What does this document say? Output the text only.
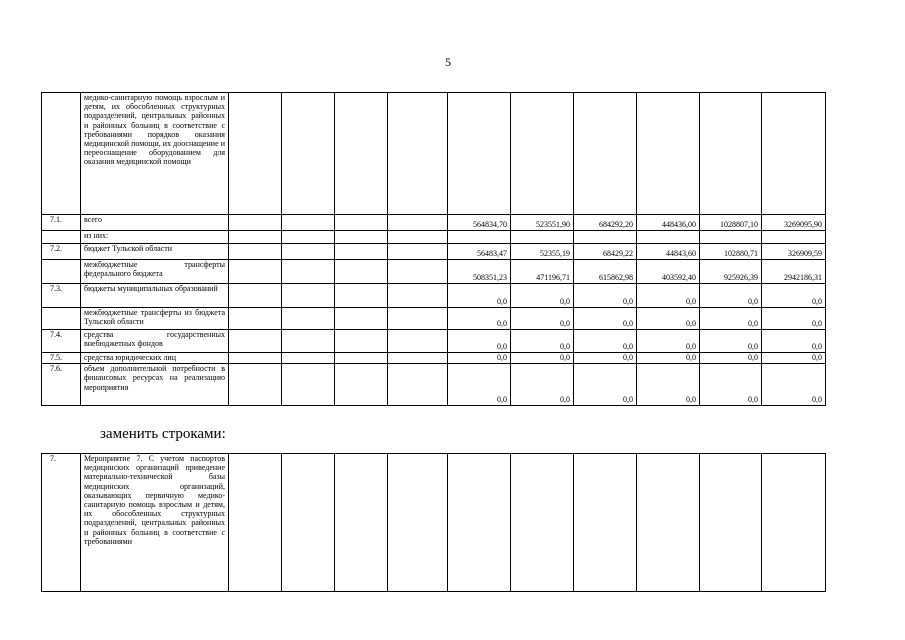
5
	медико-санитарную помощь взрослым и детям, их обособленных структурных подразделений, центральных районных и районных больниц в соответствие с требованиями порядков оказания медицинской помощи, их дооснащение и переоснащение оборудованием для оказания медицинской помощи										
7.1.	всего					564834,70	523551,90	684292,20	448436,00	1028807,10	3269095,90
	из них:										
7.2.	бюджет Тульской области					56483,47	52355,19	68429,22	44843,60	102880,71	326909,59
	межбюджетные трансферты федерального бюджета					508351,23	471196,71	615862,98	403592,40	925926,39	2942186,31
7.3.	бюджеты муниципальных образований					0,0	0,0	0,0	0,0	0,0	0,0
	межбюджетные трансферты из бюджета Тульской области					0,0	0,0	0,0	0,0	0,0	0,0
7.4.	средства государственных внебюджетных фондов					0,0	0,0	0,0	0,0	0,0	0,0
7.5.	средства юридических лиц					0,0	0,0	0,0	0,0	0,0	0,0
7.6.	объем дополнительной потребности в финансовых ресурсах на реализацию мероприятия					0,0	0,0	0,0	0,0	0,0	0,0
заменить строками:
7.	Мероприятие 7. С учетом паспортов медицинских организаций приведение материально-технической базы медицинских организаций, оказывающих первичную медико-санитарную помощь взрослым и детям, их обособленных структурных подразделений, центральных районных и районных больниц в соответствие с требованиями										
